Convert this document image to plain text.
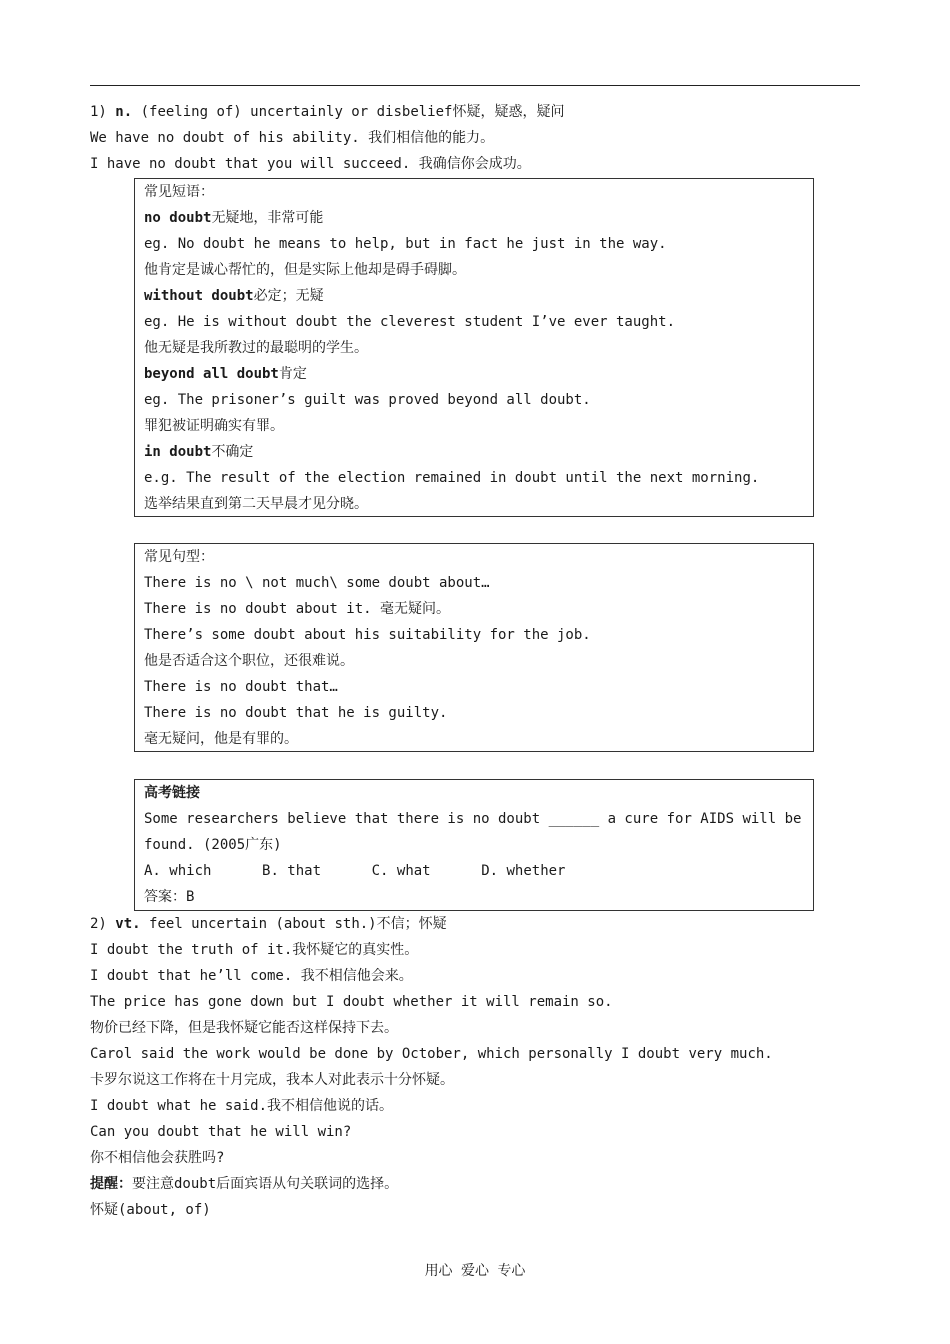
1) n. (feeling of) uncertainly or disbelief怀疑，疑惑，疑问
We have no doubt of his ability. 我们相信他的能力。
I have no doubt that you will succeed. 我确信你会成功。
常见短语：
no doubt无疑地，非常可能
eg. No doubt he means to help, but in fact he just in the way.
他肯定是诚心帮忙的，但是实际上他却是碍手碍脚。
without doubt必定；无疑
eg. He is without doubt the cleverest student I’ve ever taught.
他无疑是我所教过的最聪明的学生。
beyond all doubt肯定
eg. The prisoner’s guilt was proved beyond all doubt.
罪犯被证明确实有罪。
in doubt不确定
e.g. The result of the election remained in doubt until the next morning.
选举结果直到第二天早晨才见分晓。
常见句型：
There is no \ not much\ some doubt about…
There is no doubt about it. 毫无疑问。
There’s some doubt about his suitability for the job.
他是否适合这个职位，还很难说。
There is no doubt that…
There is no doubt that he is guilty.
毫无疑问，他是有罪的。
高考链接
Some researchers believe that there is no doubt ______ a cure for AIDS will be
found. (2005广东)
A. which	B. that	C. what	D. whether
答案：B
2) vt. feel uncertain (about sth.)不信；怀疑
I doubt the truth of it.我怀疑它的真实性。
I doubt that he’ll come. 我不相信他会来。
The price has gone down but I doubt whether it will remain so.
物价已经下降，但是我怀疑它能否这样保持下去。
Carol said the work would be done by October, which personally I doubt very much.
卡罗尔说这工作将在十月完成，我本人对此表示十分怀疑。
I doubt what he said.我不相信他说的话。
Can you doubt that he will win?
你不相信他会获胜吗?
提醒：要注意doubt后面宾语从句关联词的选择。
怀疑(about, of)
用心 爱心 专心
